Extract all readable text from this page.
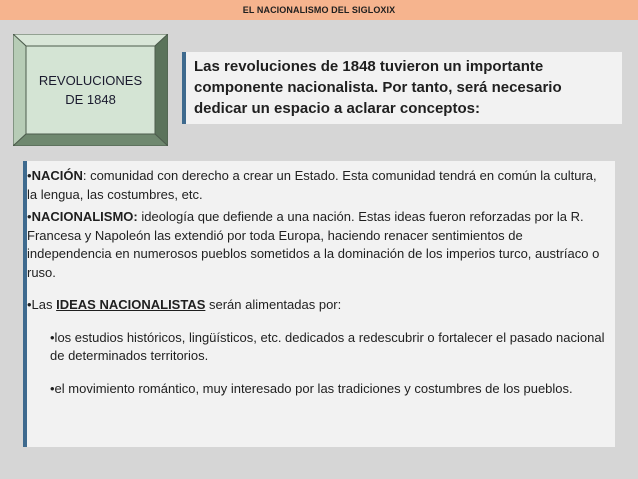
EL NACIONALISMO DEL SIGLOXIX
REVOLUCIONES
DE 1848
Las revoluciones de 1848 tuvieron un importante componente nacionalista. Por tanto, será necesario dedicar un espacio a aclarar conceptos:

•NACIÓN: comunidad con derecho a crear un Estado. Esta comunidad tendrá en común la cultura, la lengua, las costumbres, etc.

•NACIONALISMO: ideología que defiende a una nación. Estas ideas fueron reforzadas por la R. Francesa y Napoleón las extendió por toda Europa, haciendo renacer sentimientos de independencia en numerosos pueblos sometidos a la dominación de los imperios turco, austríaco o ruso.

•Las IDEAS NACIONALISTAS serán alimentadas por:

•los estudios históricos, lingüísticos, etc. dedicados a redescubrir o fortalecer el pasado nacional de determinados territorios.

•el movimiento romántico, muy interesado por las tradiciones y costumbres de los pueblos.
